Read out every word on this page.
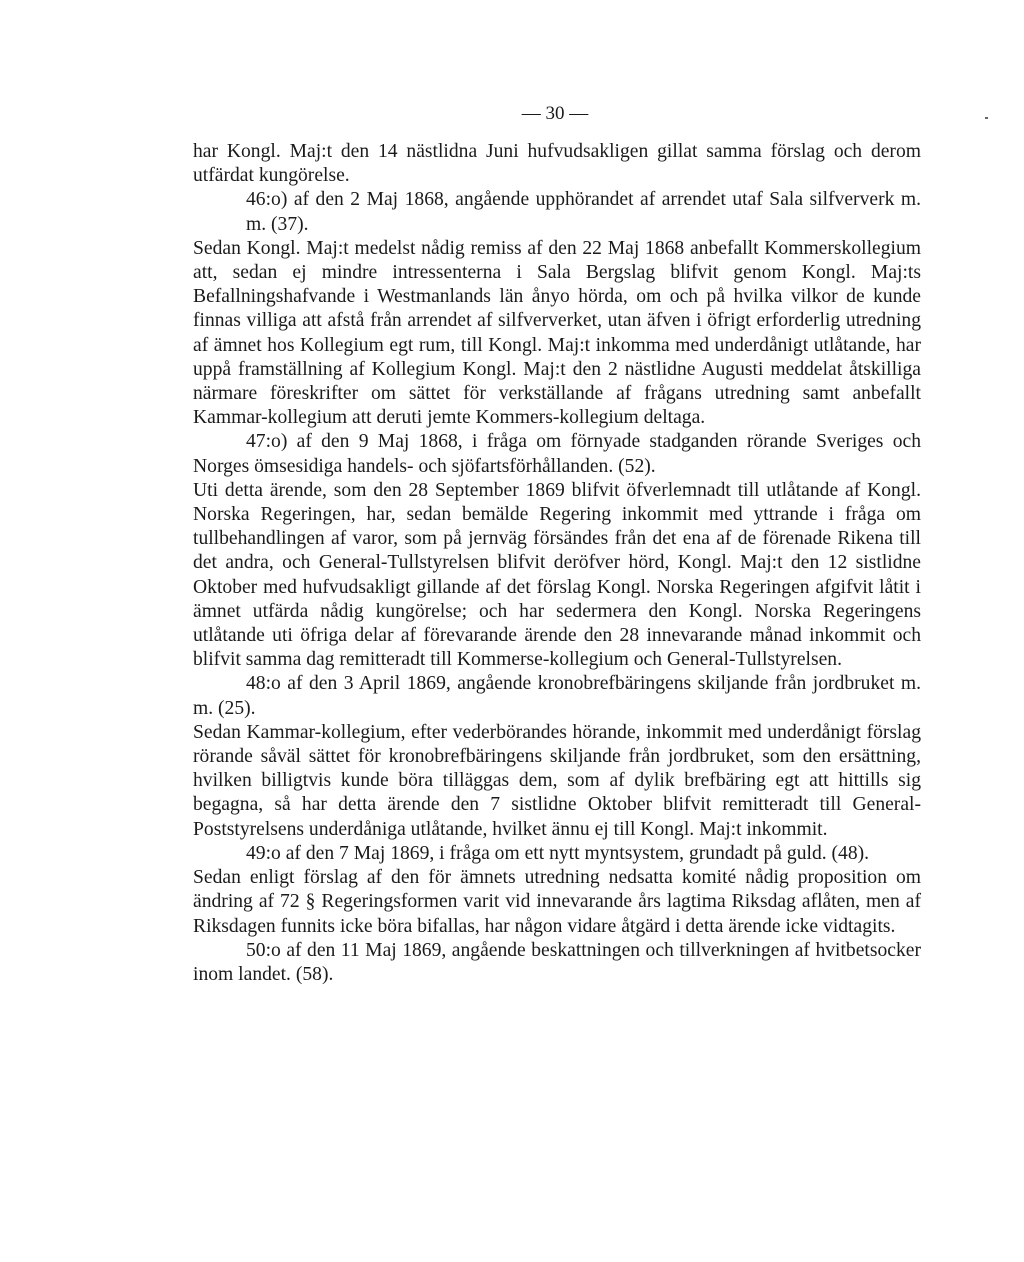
— 30 —

har Kongl. Maj:t den 14 nästlidna Juni hufvudsakligen gillat samma förslag och derom utfärdat kungörelse.

46:o) af den 2 Maj 1868, angående upphörandet af arrendet utaf Sala silfververk m. m. (37).

Sedan Kongl. Maj:t medelst nådig remiss af den 22 Maj 1868 anbefallt Kommerskollegium att, sedan ej mindre intressenterna i Sala Bergslag blifvit genom Kongl. Maj:ts Befallningshafvande i Westmanlands län ånyo hörda, om och på hvilka vilkor de kunde finnas villiga att afstå från arrendet af silfververket, utan äfven i öfrigt erforderlig utredning af ämnet hos Kollegium egt rum, till Kongl. Maj:t inkomma med underdånigt utlåtande, har uppå framställning af Kollegium Kongl. Maj:t den 2 nästlidne Augusti meddelat åtskilliga närmare föreskrifter om sättet för verkställande af frågans utredning samt anbefallt Kammar-kollegium att deruti jemte Kommers-kollegium deltaga.

47:o) af den 9 Maj 1868, i fråga om förnyade stadganden rörande Sveriges och Norges ömsesidiga handels- och sjöfartsförhållanden. (52).

Uti detta ärende, som den 28 September 1869 blifvit öfverlemnadt till utlåtande af Kongl. Norska Regeringen, har, sedan bemälde Regering inkommit med yttrande i fråga om tullbehandlingen af varor, som på jernväg försändes från det ena af de förenade Rikena till det andra, och General-Tullstyrelsen blifvit deröfver hörd, Kongl. Maj:t den 12 sistlidne Oktober med hufvudsakligt gillande af det förslag Kongl. Norska Regeringen afgifvit låtit i ämnet utfärda nådig kungörelse; och har sedermera den Kongl. Norska Regeringens utlåtande uti öfriga delar af förevarande ärende den 28 innevarande månad inkommit och blifvit samma dag remitteradt till Kommerse-kollegium och General-Tullstyrelsen.

48:o af den 3 April 1869, angående kronobrefbäringens skiljande från jordbruket m. m. (25).

Sedan Kammar-kollegium, efter vederbörandes hörande, inkommit med underdånigt förslag rörande såväl sättet för kronobrefbäringens skiljande från jordbruket, som den ersättning, hvilken billigtvis kunde böra tilläggas dem, som af dylik brefbäring egt att hittills sig begagna, så har detta ärende den 7 sistlidne Oktober blifvit remitteradt till General-Poststyrelsens underdåniga utlåtande, hvilket ännu ej till Kongl. Maj:t inkommit.

49:o af den 7 Maj 1869, i fråga om ett nytt myntsystem, grundadt på guld. (48).

Sedan enligt förslag af den för ämnets utredning nedsatta komité nådig proposition om ändring af 72 § Regeringsformen varit vid innevarande års lagtima Riksdag aflåten, men af Riksdagen funnits icke böra bifallas, har någon vidare åtgärd i detta ärende icke vidtagits.

50:o af den 11 Maj 1869, angående beskattningen och tillverkningen af hvitbetsocker inom landet. (58).
